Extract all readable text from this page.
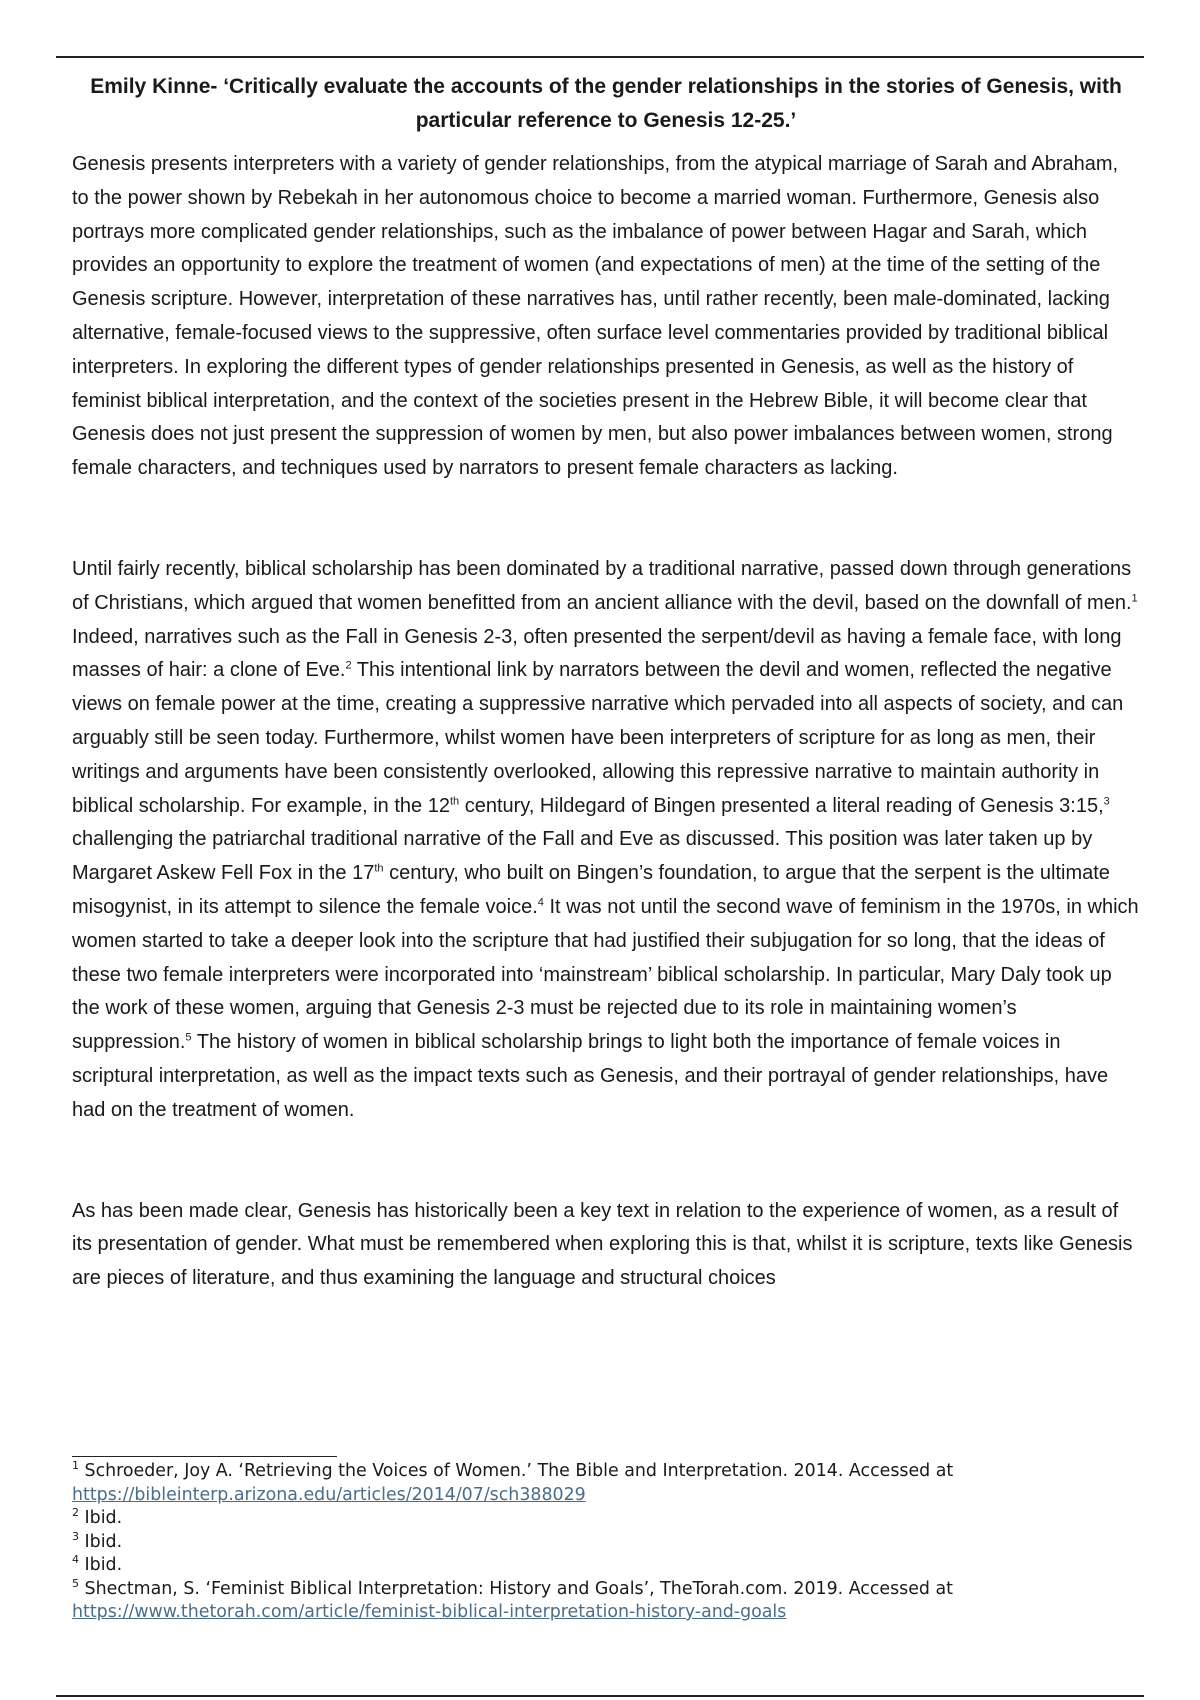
Emily Kinne- ‘Critically evaluate the accounts of the gender relationships in the stories of Genesis, with particular reference to Genesis 12-25.’

Genesis presents interpreters with a variety of gender relationships, from the atypical marriage of Sarah and Abraham, to the power shown by Rebekah in her autonomous choice to become a married woman. Furthermore, Genesis also portrays more complicated gender relationships, such as the imbalance of power between Hagar and Sarah, which provides an opportunity to explore the treatment of women (and expectations of men) at the time of the setting of the Genesis scripture. However, interpretation of these narratives has, until rather recently, been male-dominated, lacking alternative, female-focused views to the suppressive, often surface level commentaries provided by traditional biblical interpreters. In exploring the different types of gender relationships presented in Genesis, as well as the history of feminist biblical interpretation, and the context of the societies present in the Hebrew Bible, it will become clear that Genesis does not just present the suppression of women by men, but also power imbalances between women, strong female characters, and techniques used by narrators to present female characters as lacking.

Until fairly recently, biblical scholarship has been dominated by a traditional narrative, passed down through generations of Christians, which argued that women benefitted from an ancient alliance with the devil, based on the downfall of men.$^1$ Indeed, narratives such as the Fall in Genesis 2-3, often presented the serpent/devil as having a female face, with long masses of hair: a clone of Eve.$^2$ This intentional link by narrators between the devil and women, reflected the negative views on female power at the time, creating a suppressive narrative which pervaded into all aspects of society, and can arguably still be seen today. Furthermore, whilst women have been interpreters of scripture for as long as men, their writings and arguments have been consistently overlooked, allowing this repressive narrative to maintain authority in biblical scholarship. For example, in the 12th century, Hildegard of Bingen presented a literal reading of Genesis 3:15,$^3$ challenging the patriarchal traditional narrative of the Fall and Eve as discussed. This position was later taken up by Margaret Askew Fell Fox in the 17th century, who built on Bingen’s foundation, to argue that the serpent is the ultimate misogynist, in its attempt to silence the female voice.$^4$ It was not until the second wave of feminism in the 1970s, in which women started to take a deeper look into the scripture that had justified their subjugation for so long, that the ideas of these two female interpreters were incorporated into ‘mainstream’ biblical scholarship. In particular, Mary Daly took up the work of these women, arguing that Genesis 2-3 must be rejected due to its role in maintaining women’s suppression.$^5$ The history of women in biblical scholarship brings to light both the importance of female voices in scriptural interpretation, as well as the impact texts such as Genesis, and their portrayal of gender relationships, have had on the treatment of women.

As has been made clear, Genesis has historically been a key text in relation to the experience of women, as a result of its presentation of gender. What must be remembered when exploring this is that, whilst it is scripture, texts like Genesis are pieces of literature, and thus examining the language and structural choices

$^1$ Schroeder, Joy A. ‘Retrieving the Voices of Women.’ The Bible and Interpretation. 2014. Accessed at

https://bibleinterp.arizona.edu/articles/2014/07/sch388029

$^2$ Ibid.

$^3$ Ibid.

$^4$ Ibid.

$^5$ Shectman, S. ‘Feminist Biblical Interpretation: History and Goals’, TheTorah.com. 2019. Accessed at

https://www.thetorah.com/article/feminist-biblical-interpretation-history-and-goals
